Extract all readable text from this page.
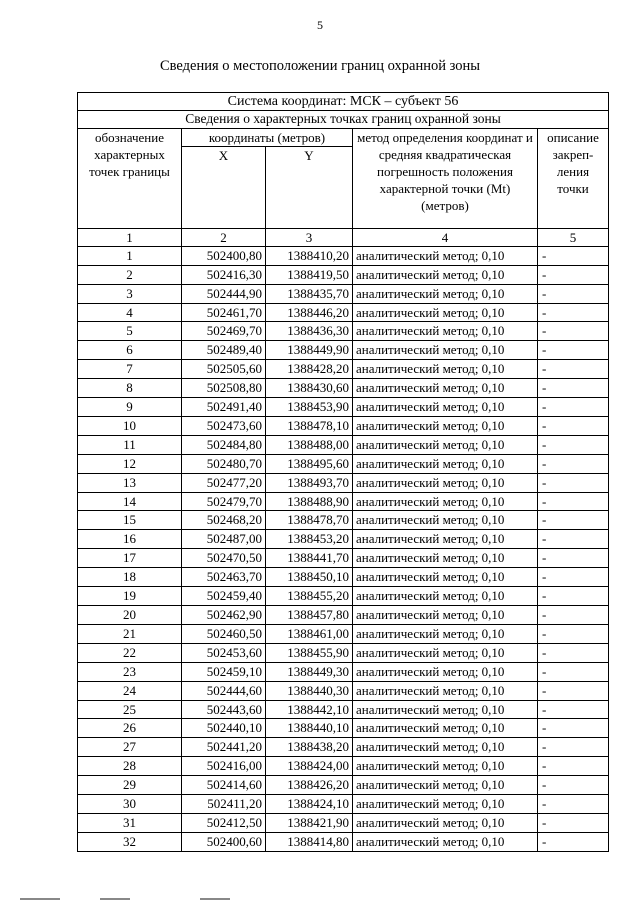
5
Сведения о местоположении границ охранной зоны
Система координат: МСК – субъект 56				
Сведения о характерных точках границ охранной зоны				
обозначение характерных точек границы	координаты (метров)		метод определения координат и средняя квадратическая погрешность положения характерной точки (Mt) (метров)	описание закреп-ления точки
	X	Y		
1	2	3	4	5
1	502400,80	1388410,20	аналитический метод; 0,10	-
2	502416,30	1388419,50	аналитический метод; 0,10	-
3	502444,90	1388435,70	аналитический метод; 0,10	-
4	502461,70	1388446,20	аналитический метод; 0,10	-
5	502469,70	1388436,30	аналитический метод; 0,10	-
6	502489,40	1388449,90	аналитический метод; 0,10	-
7	502505,60	1388428,20	аналитический метод; 0,10	-
8	502508,80	1388430,60	аналитический метод; 0,10	-
9	502491,40	1388453,90	аналитический метод; 0,10	-
10	502473,60	1388478,10	аналитический метод; 0,10	-
11	502484,80	1388488,00	аналитический метод; 0,10	-
12	502480,70	1388495,60	аналитический метод; 0,10	-
13	502477,20	1388493,70	аналитический метод; 0,10	-
14	502479,70	1388488,90	аналитический метод; 0,10	-
15	502468,20	1388478,70	аналитический метод; 0,10	-
16	502487,00	1388453,20	аналитический метод; 0,10	-
17	502470,50	1388441,70	аналитический метод; 0,10	-
18	502463,70	1388450,10	аналитический метод; 0,10	-
19	502459,40	1388455,20	аналитический метод; 0,10	-
20	502462,90	1388457,80	аналитический метод; 0,10	-
21	502460,50	1388461,00	аналитический метод; 0,10	-
22	502453,60	1388455,90	аналитический метод; 0,10	-
23	502459,10	1388449,30	аналитический метод; 0,10	-
24	502444,60	1388440,30	аналитический метод; 0,10	-
25	502443,60	1388442,10	аналитический метод; 0,10	-
26	502440,10	1388440,10	аналитический метод; 0,10	-
27	502441,20	1388438,20	аналитический метод; 0,10	-
28	502416,00	1388424,00	аналитический метод; 0,10	-
29	502414,60	1388426,20	аналитический метод; 0,10	-
30	502411,20	1388424,10	аналитический метод; 0,10	-
31	502412,50	1388421,90	аналитический метод; 0,10	-
32	502400,60	1388414,80	аналитический метод; 0,10	-
